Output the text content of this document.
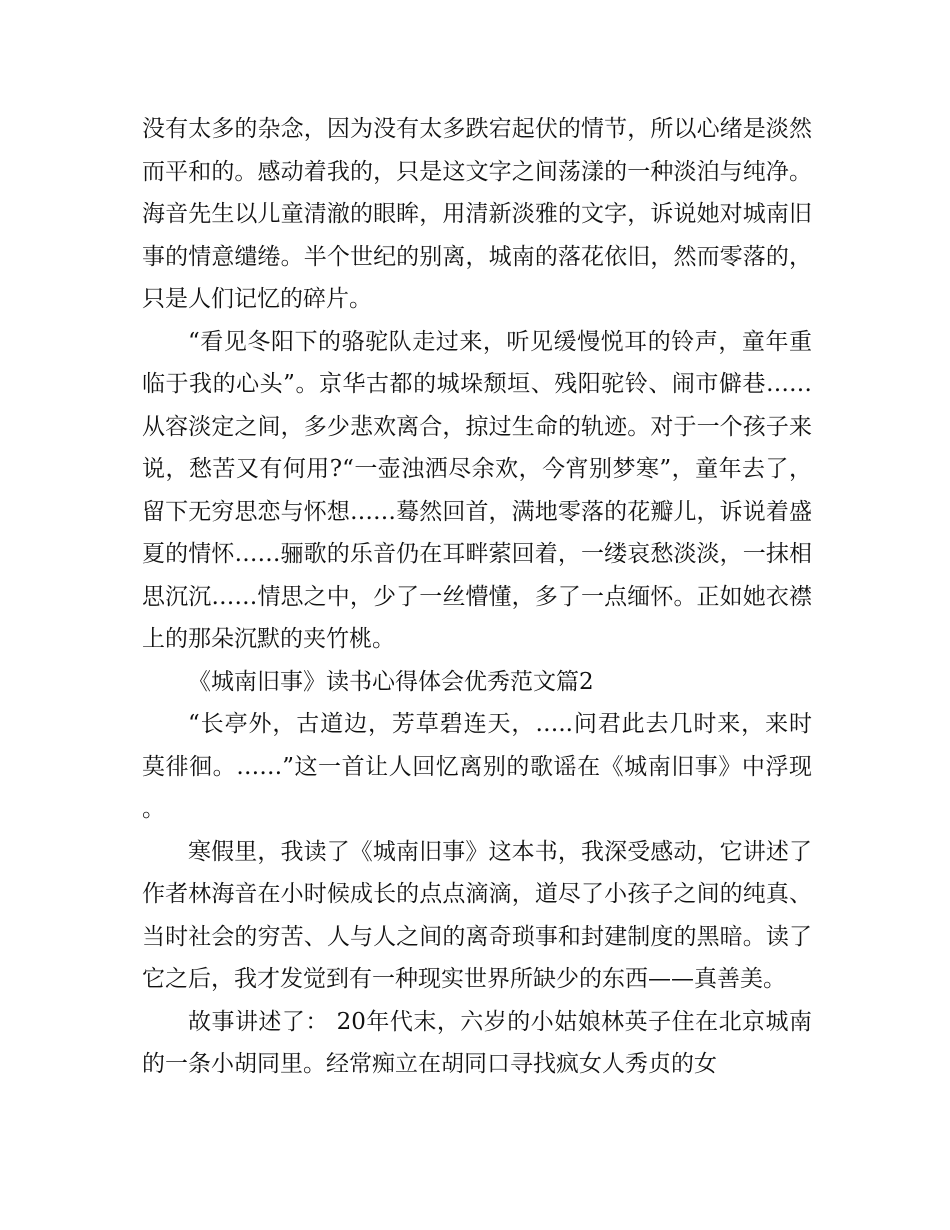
没有太多的杂念，因为没有太多跌宕起伏的情节，所以心绪是淡然而平和的。感动着我的，只是这文字之间荡漾的一种淡泊与纯净。海音先生以儿童清澈的眼眸，用清新淡雅的文字，诉说她对城南旧事的情意缱绻。半个世纪的别离，城南的落花依旧，然而零落的，只是人们记忆的碎片。

“看见冬阳下的骆驼队走过来，听见缓慢悦耳的铃声，童年重临于我的心头”。京华古都的城垛颓垣、残阳驼铃、闹市僻巷……从容淡定之间，多少悲欢离合，掠过生命的轨迹。对于一个孩子来说，愁苦又有何用?“一壶浊洒尽余欢，今宵别梦寒”，童年去了，留下无穷思恋与怀想……蓦然回首，满地零落的花瓣儿，诉说着盛夏的情怀……骊歌的乐音仍在耳畔萦回着，一缕哀愁淡淡，一抹相思沉沉……情思之中，少了一丝懵懂，多了一点缅怀。正如她衣襟上的那朵沉默的夹竹桃。

《城南旧事》读书心得体会优秀范文篇2

“长亭外，古道边，芳草碧连天，…..问君此去几时来，来时莫徘徊。……”这一首让人回忆离别的歌谣在《城南旧事》中浮现。

寒假里，我读了《城南旧事》这本书，我深受感动，它讲述了作者林海音在小时候成长的点点滴滴，道尽了小孩子之间的纯真、当时社会的穷苦、人与人之间的离奇琐事和封建制度的黑暗。读了它之后，我才发觉到有一种现实世界所缺少的东西——真善美。

故事讲述了： 20年代末，六岁的小姑娘林英子住在北京城南的一条小胡同里。经常痴立在胡同口寻找疯女人秀贞的女
